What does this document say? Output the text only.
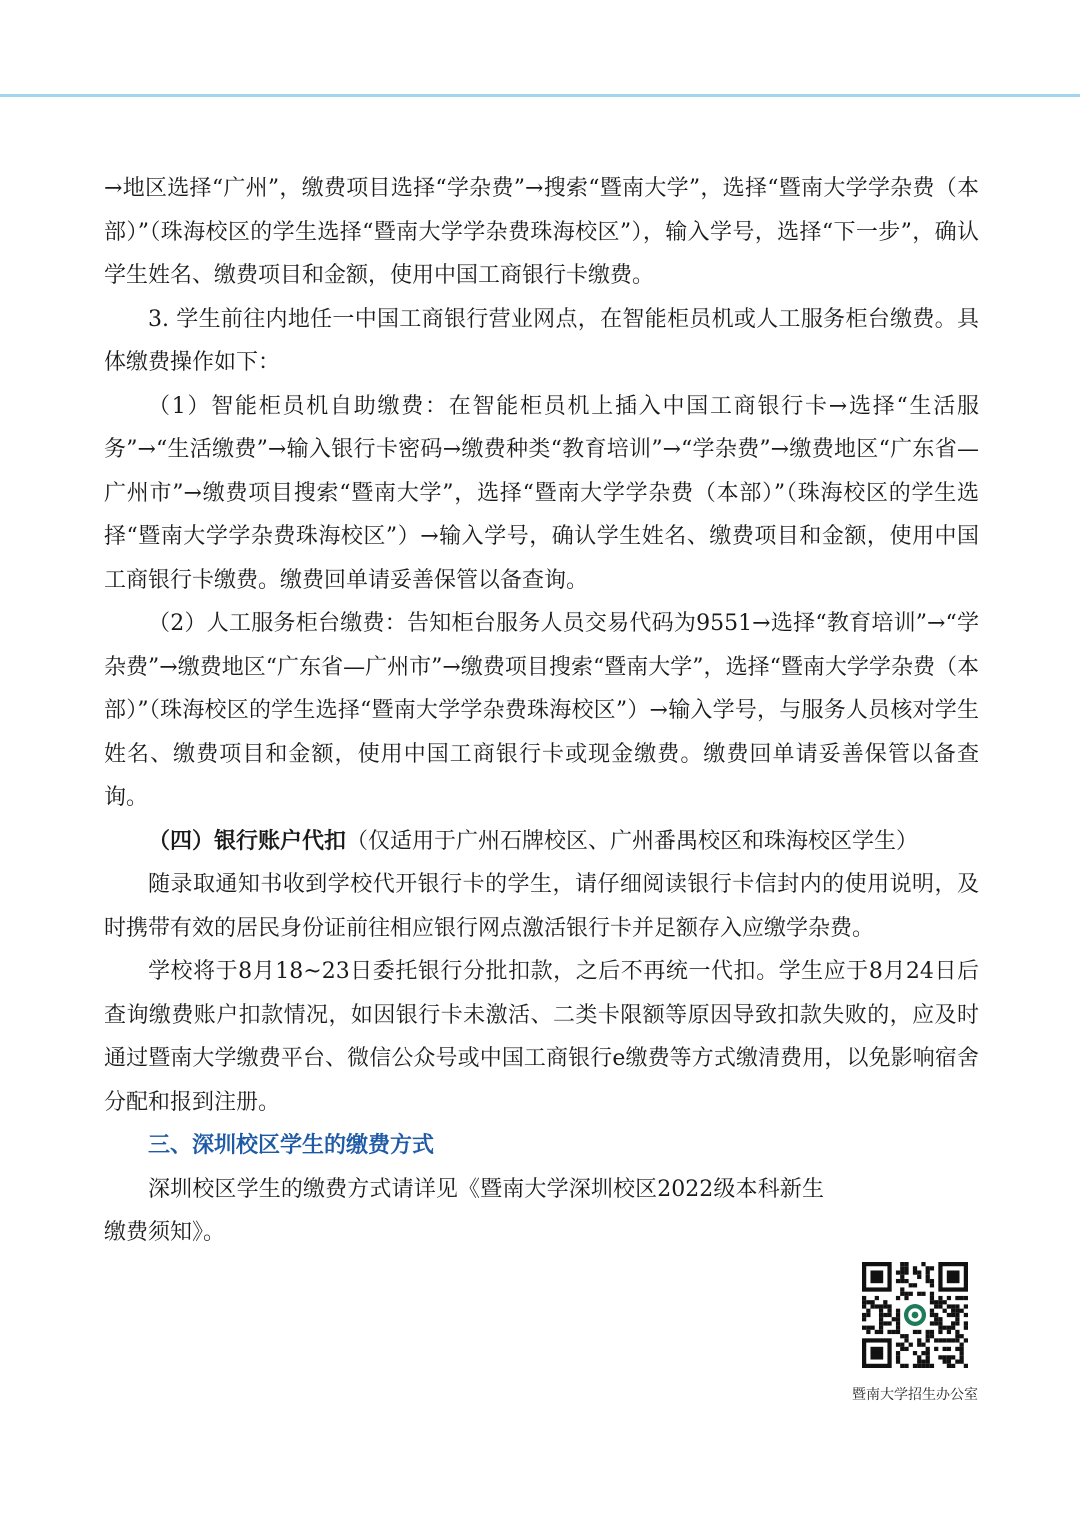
→地区选择“广州”，缴费项目选择“学杂费”→搜索“暨南大学”，选择“暨南大学学杂费（本部）”（珠海校区的学生选择“暨南大学学杂费珠海校区”），输入学号，选择“下一步”，确认学生姓名、缴费项目和金额，使用中国工商银行卡缴费。

3. 学生前往内地任一中国工商银行营业网点，在智能柜员机或人工服务柜台缴费。具体缴费操作如下：

（1）智能柜员机自助缴费：在智能柜员机上插入中国工商银行卡→选择“生活服务”→“生活缴费”→输入银行卡密码→缴费种类“教育培训”→“学杂费”→缴费地区“广东省—广州市”→缴费项目搜索“暨南大学”，选择“暨南大学学杂费（本部）”（珠海校区的学生选择“暨南大学学杂费珠海校区”）→输入学号，确认学生姓名、缴费项目和金额，使用中国工商银行卡缴费。缴费回单请妥善保管以备查询。

（2）人工服务柜台缴费：告知柜台服务人员交易代码为9551→选择“教育培训”→“学杂费”→缴费地区“广东省—广州市”→缴费项目搜索“暨南大学”，选择“暨南大学学杂费（本部）”（珠海校区的学生选择“暨南大学学杂费珠海校区”）→输入学号，与服务人员核对学生姓名、缴费项目和金额，使用中国工商银行卡或现金缴费。缴费回单请妥善保管以备查询。

（四）银行账户代扣（仅适用于广州石牌校区、广州番禺校区和珠海校区学生）

随录取通知书收到学校代开银行卡的学生，请仔细阅读银行卡信封内的使用说明，及时携带有效的居民身份证前往相应银行网点激活银行卡并足额存入应缴学杂费。

学校将于8月18~23日委托银行分批扣款，之后不再统一代扣。学生应于8月24日后查询缴费账户扣款情况，如因银行卡未激活、二类卡限额等原因导致扣款失败的，应及时通过暨南大学缴费平台、微信公众号或中国工商银行e缴费等方式缴清费用，以免影响宿舍分配和报到注册。

三、深圳校区学生的缴费方式

深圳校区学生的缴费方式请详见《暨南大学深圳校区2022级本科新生缴费须知》。

暨南大学招生办公室
